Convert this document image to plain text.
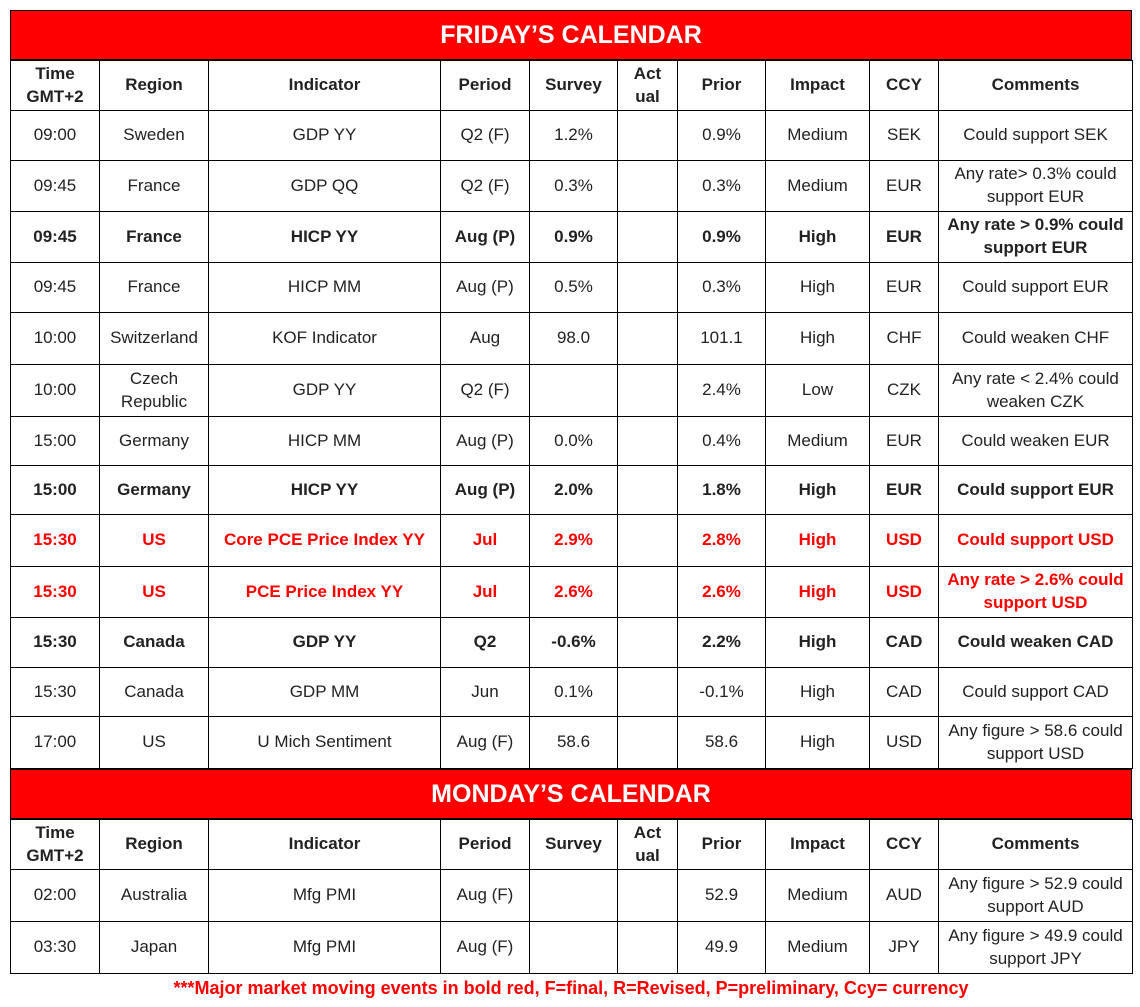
FRIDAY’S CALENDAR
Time GMT+2	Region	Indicator	Period	Survey	Act ual	Prior	Impact	CCY	Comments
09:00	Sweden	GDP YY	Q2 (F)	1.2%		0.9%	Medium	SEK	Could support SEK
09:45	France	GDP QQ	Q2 (F)	0.3%		0.3%	Medium	EUR	Any rate> 0.3% could support EUR
09:45	France	HICP YY	Aug (P)	0.9%		0.9%	High	EUR	Any rate > 0.9% could support EUR
09:45	France	HICP MM	Aug (P)	0.5%		0.3%	High	EUR	Could support EUR
10:00	Switzerland	KOF Indicator	Aug	98.0		101.1	High	CHF	Could weaken CHF
10:00	Czech Republic	GDP YY	Q2 (F)			2.4%	Low	CZK	Any rate < 2.4% could weaken CZK
15:00	Germany	HICP MM	Aug (P)	0.0%		0.4%	Medium	EUR	Could weaken EUR
15:00	Germany	HICP YY	Aug (P)	2.0%		1.8%	High	EUR	Could support EUR
15:30	US	Core PCE Price Index YY	Jul	2.9%		2.8%	High	USD	Could support USD
15:30	US	PCE Price Index YY	Jul	2.6%		2.6%	High	USD	Any rate > 2.6% could support USD
15:30	Canada	GDP YY	Q2	-0.6%		2.2%	High	CAD	Could weaken CAD
15:30	Canada	GDP MM	Jun	0.1%		-0.1%	High	CAD	Could support CAD
17:00	US	U Mich Sentiment	Aug (F)	58.6		58.6	High	USD	Any figure > 58.6 could support USD
MONDAY’S CALENDAR
Time GMT+2	Region	Indicator	Period	Survey	Act ual	Prior	Impact	CCY	Comments
02:00	Australia	Mfg PMI	Aug (F)			52.9	Medium	AUD	Any figure > 52.9 could support AUD
03:30	Japan	Mfg PMI	Aug (F)			49.9	Medium	JPY	Any figure > 49.9 could support JPY
***Major market moving events in bold red, F=final, R=Revised, P=preliminary, Ccy= currency
